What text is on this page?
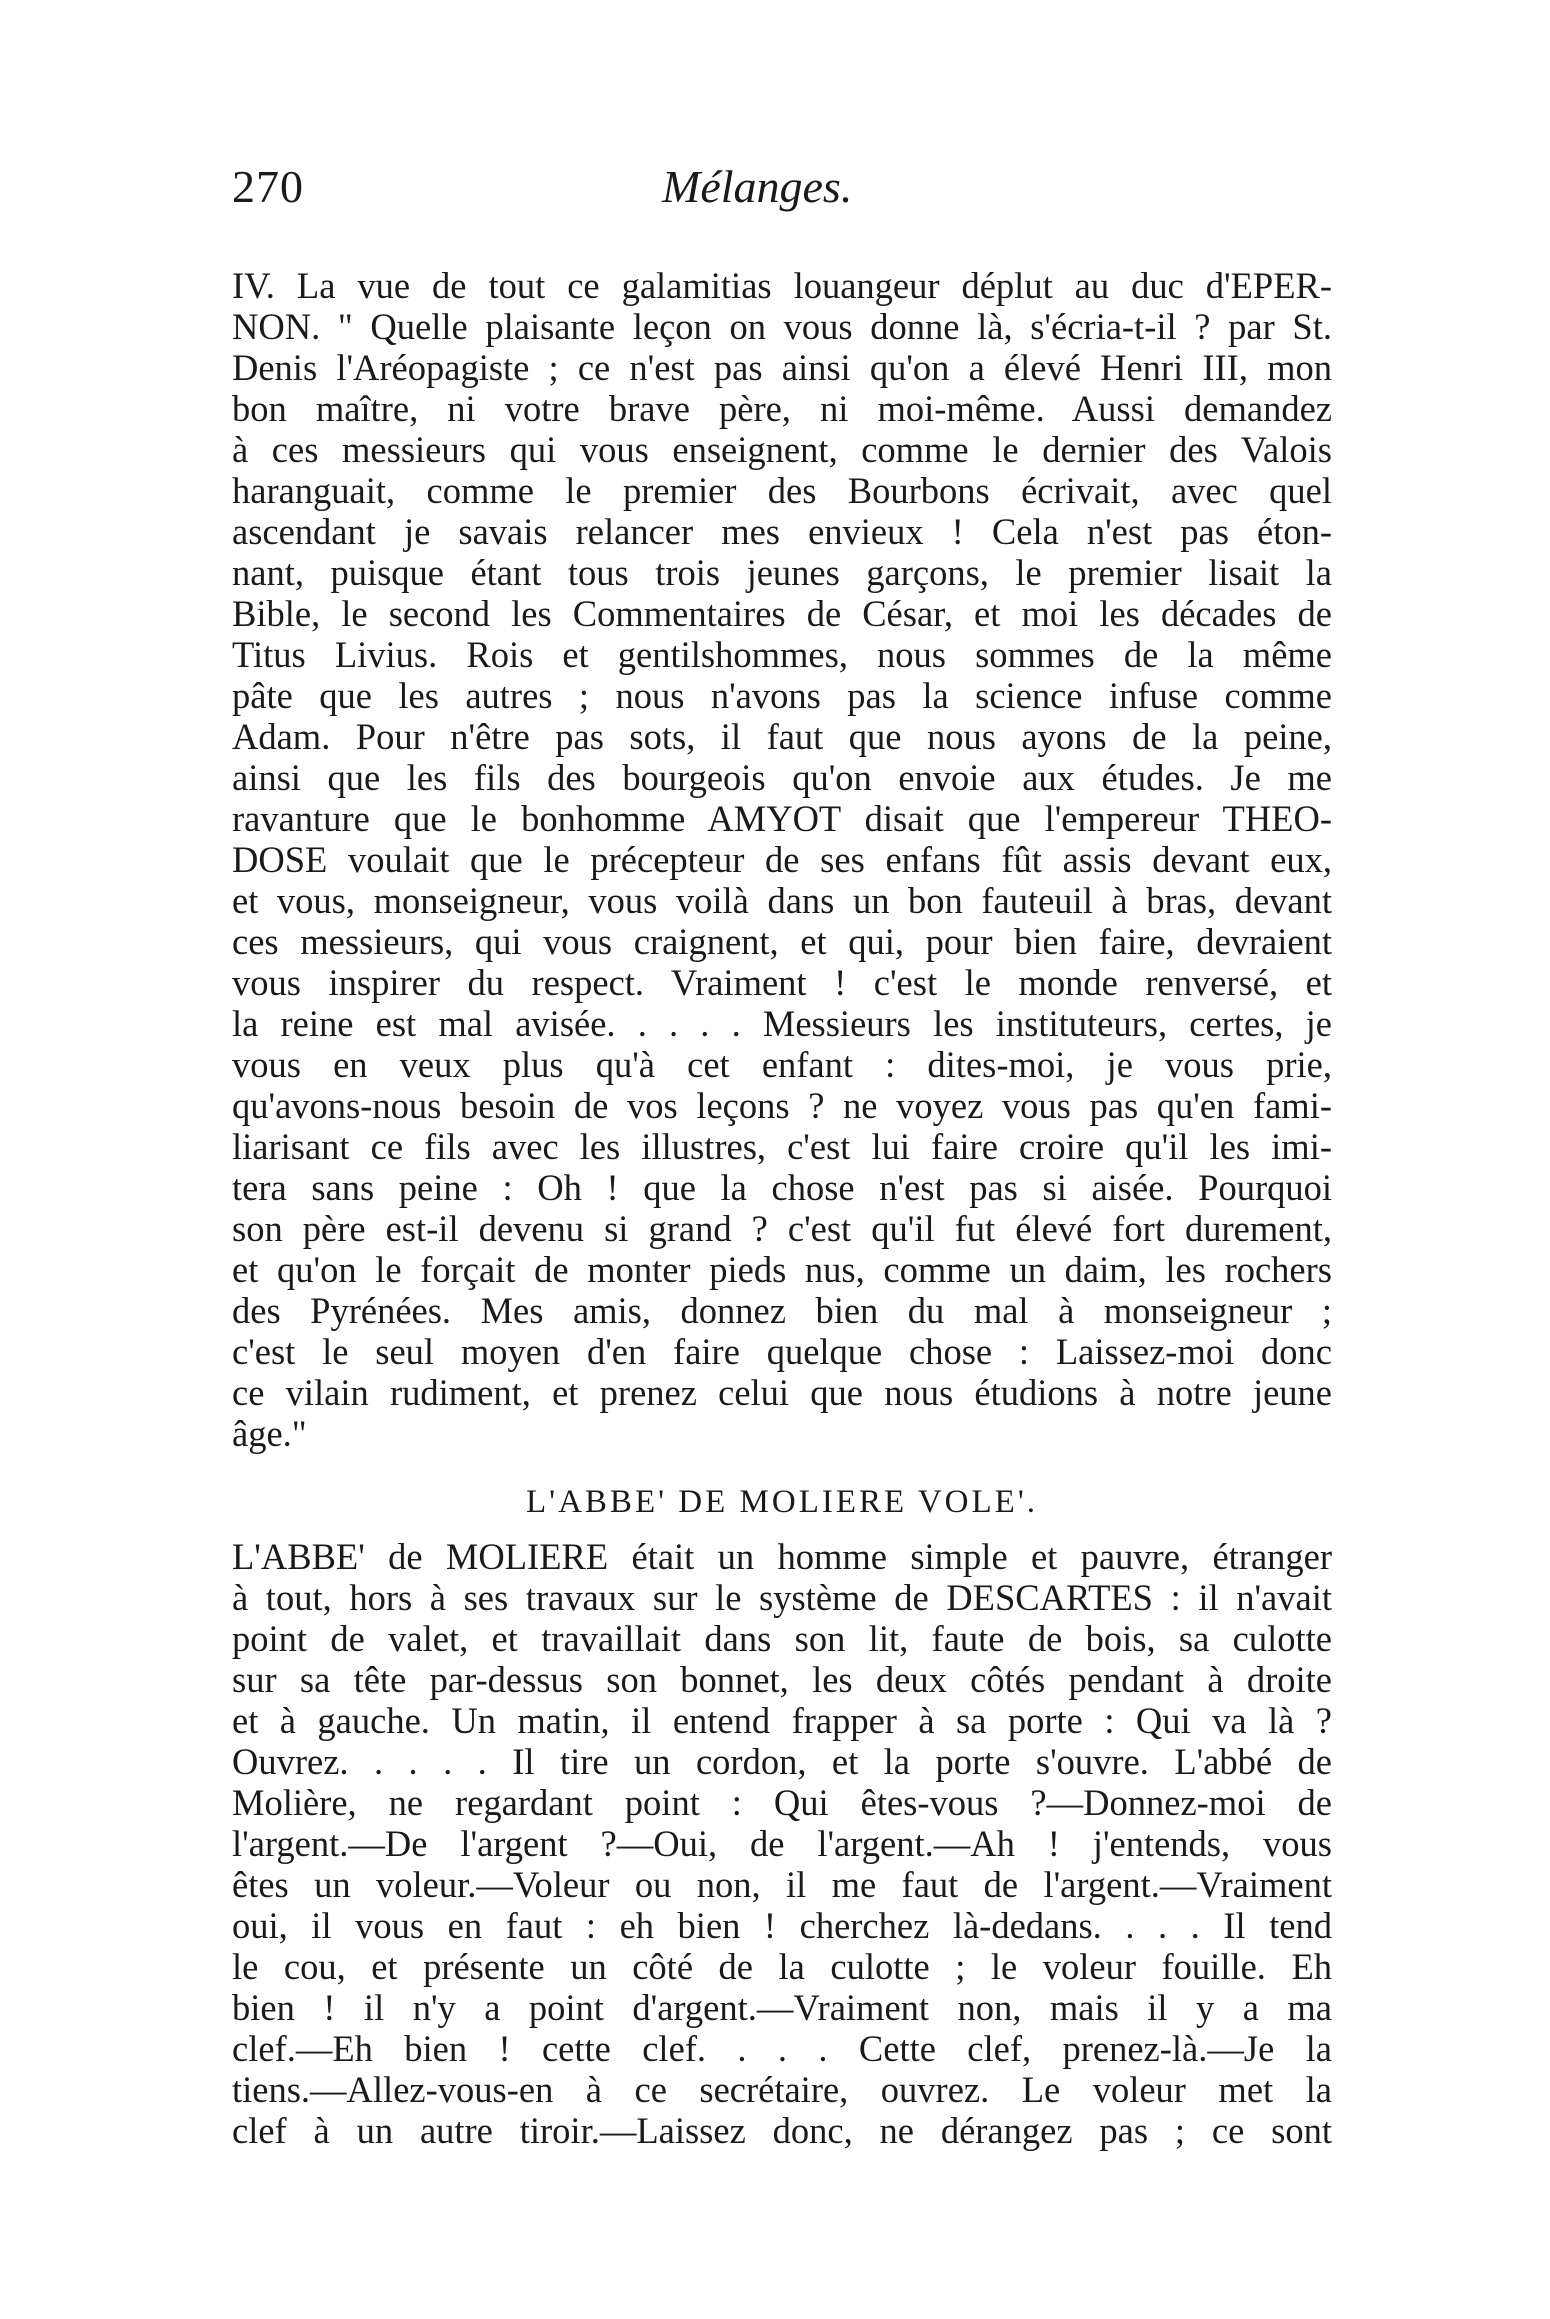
270	Mélanges.
IV. La vue de tout ce galamitias louangeur déplut au duc d'EPER-
NON. " Quelle plaisante leçon on vous donne là, s'écria-t-il ? par St.
Denis l'Aréopagiste ; ce n'est pas ainsi qu'on a élevé Henri III, mon
bon maître, ni votre brave père, ni moi-même. Aussi demandez
à ces messieurs qui vous enseignent, comme le dernier des Valois
haranguait, comme le premier des Bourbons écrivait, avec quel
ascendant je savais relancer mes envieux ! Cela n'est pas éton-
nant, puisque étant tous trois jeunes garçons, le premier lisait la
Bible, le second les Commentaires de César, et moi les décades de
Titus Livius. Rois et gentilshommes, nous sommes de la même
pâte que les autres ; nous n'avons pas la science infuse comme
Adam. Pour n'être pas sots, il faut que nous ayons de la peine,
ainsi que les fils des bourgeois qu'on envoie aux études. Je me
ravanture que le bonhomme AMYOT disait que l'empereur THEO-
DOSE voulait que le précepteur de ses enfans fût assis devant eux,
et vous, monseigneur, vous voilà dans un bon fauteuil à bras, devant
ces messieurs, qui vous craignent, et qui, pour bien faire, devraient
vous inspirer du respect. Vraiment ! c'est le monde renversé, et
la reine est mal avisée. . . . . Messieurs les instituteurs, certes, je
vous en veux plus qu'à cet enfant : dites-moi, je vous prie,
qu'avons-nous besoin de vos leçons ? ne voyez vous pas qu'en fami-
liarisant ce fils avec les illustres, c'est lui faire croire qu'il les imi-
tera sans peine : Oh ! que la chose n'est pas si aisée. Pourquoi
son père est-il devenu si grand ? c'est qu'il fut élevé fort durement,
et qu'on le forçait de monter pieds nus, comme un daim, les rochers
des Pyrénées. Mes amis, donnez bien du mal à monseigneur ;
c'est le seul moyen d'en faire quelque chose : Laissez-moi donc
ce vilain rudiment, et prenez celui que nous étudions à notre jeune
âge."
L'ABBE' DE MOLIERE VOLE'.
L'ABBE' de MOLIERE était un homme simple et pauvre, étranger
à tout, hors à ses travaux sur le système de DESCARTES : il n'avait
point de valet, et travaillait dans son lit, faute de bois, sa culotte
sur sa tête par-dessus son bonnet, les deux côtés pendant à droite
et à gauche. Un matin, il entend frapper à sa porte : Qui va là ?
Ouvrez. . . . . Il tire un cordon, et la porte s'ouvre. L'abbé de
Molière, ne regardant point : Qui êtes-vous ?—Donnez-moi de
l'argent.—De l'argent ?—Oui, de l'argent.—Ah ! j'entends, vous
êtes un voleur.—Voleur ou non, il me faut de l'argent.—Vraiment
oui, il vous en faut : eh bien ! cherchez là-dedans. . . . Il tend
le cou, et présente un côté de la culotte ; le voleur fouille. Eh
bien ! il n'y a point d'argent.—Vraiment non, mais il y a ma
clef.—Eh bien ! cette clef. . . . Cette clef, prenez-là.—Je la
tiens.—Allez-vous-en à ce secrétaire, ouvrez. Le voleur met la
clef à un autre tiroir.—Laissez donc, ne dérangez pas ; ce sont
